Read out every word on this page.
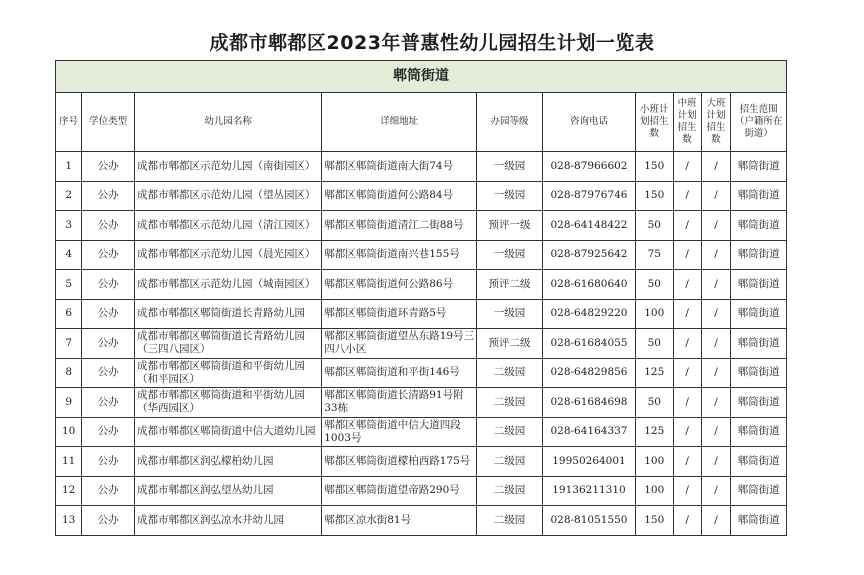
成都市郫都区2023年普惠性幼儿园招生计划一览表
郫筒街道									
序号	学位类型	幼儿园名称	详细地址	办园等级	咨询电话	小班计划招生数	中班计划招生数	大班计划招生数	招生范围（户籍所在街道）
1	公办	成都市郫都区示范幼儿园（南街园区）	郫都区郫筒街道南大街74号	一级园	028-87966602	150	/	/	郫筒街道
2	公办	成都市郫都区示范幼儿园（望丛园区）	郫都区郫筒街道何公路84号	一级园	028-87976746	150	/	/	郫筒街道
3	公办	成都市郫都区示范幼儿园（清江园区）	郫都区郫筒街道清江二街88号	预评一级	028-64148422	50	/	/	郫筒街道
4	公办	成都市郫都区示范幼儿园（晨光园区）	郫都区郫筒街道南兴巷155号	一级园	028-87925642	75	/	/	郫筒街道
5	公办	成都市郫都区示范幼儿园（城南园区）	郫都区郫筒街道何公路86号	预评二级	028-61680640	50	/	/	郫筒街道
6	公办	成都市郫都区郫筒街道长青路幼儿园	郫都区郫筒街道环青路5号	一级园	028-64829220	100	/	/	郫筒街道
7	公办	成都市郫都区郫筒街道长青路幼儿园（三四八园区）	郫都区郫筒街道望丛东路19号三四八小区	预评二级	028-61684055	50	/	/	郫筒街道
8	公办	成都市郫都区郫筒街道和平街幼儿园（和平园区）	郫都区郫筒街道和平街146号	二级园	028-64829856	125	/	/	郫筒街道
9	公办	成都市郫都区郫筒街道和平街幼儿园（华西园区）	郫都区郫筒街道长清路91号附33栋	二级园	028-61684698	50	/	/	郫筒街道
10	公办	成都市郫都区郫筒街道中信大道幼儿园	郫都区郫筒街道中信大道四段1003号	二级园	028-64164337	125	/	/	郫筒街道
11	公办	成都市郫都区润弘檬柏幼儿园	郫都区郫筒街道檬柏西路175号	二级园	19950264001	100	/	/	郫筒街道
12	公办	成都市郫都区润弘望丛幼儿园	郫都区郫筒街道望帝路290号	二级园	19136211310	100	/	/	郫筒街道
13	公办	成都市郫都区润弘凉水井幼儿园	郫都区凉水街81号	二级园	028-81051550	150	/	/	郫筒街道
